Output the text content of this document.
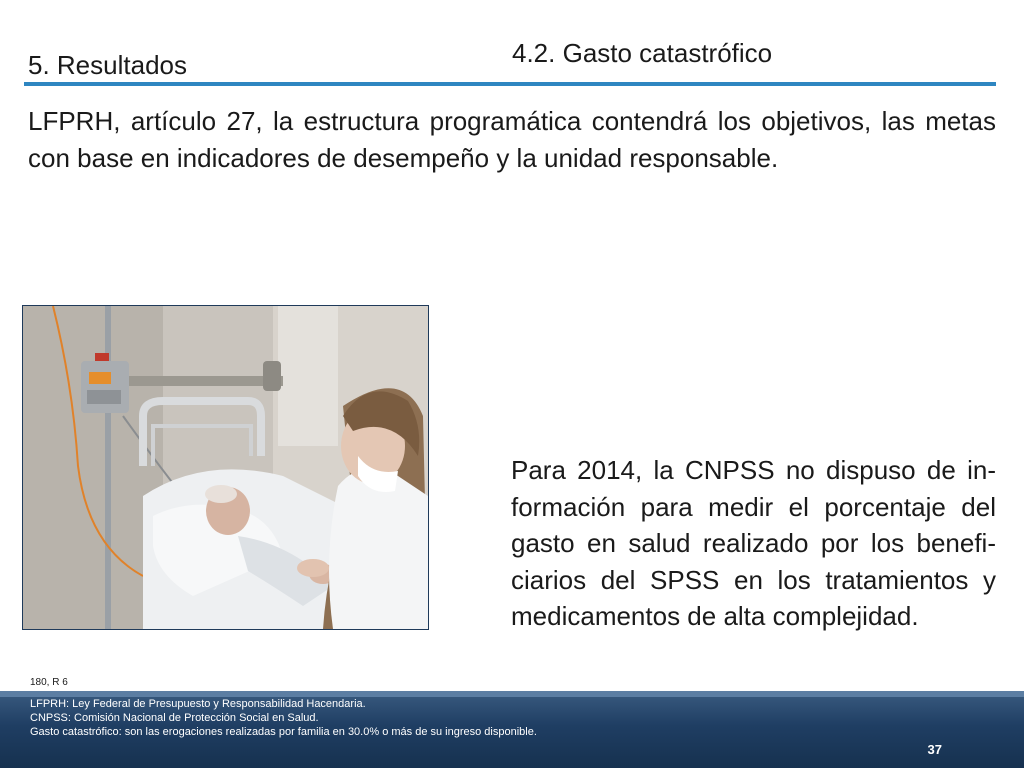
5. Resultados	4.2. Gasto catastrófico
LFPRH, artículo 27, la estructura programática contendrá los objetivos, las metas con base en indicadores de desempeño y la unidad responsable.
Para 2014, la CNPSS no dispuso de información para medir el porcentaje del gasto en salud realizado por los beneficiarios del SPSS en los tratamientos y medicamentos de alta complejidad.
180, R 6
LFPRH: Ley Federal de Presupuesto y Responsabilidad Hacendaria.
CNPSS: Comisión Nacional de Protección Social en Salud.
Gasto catastrófico: son las erogaciones realizadas por familia en 30.0% o más de su ingreso disponible.
37
